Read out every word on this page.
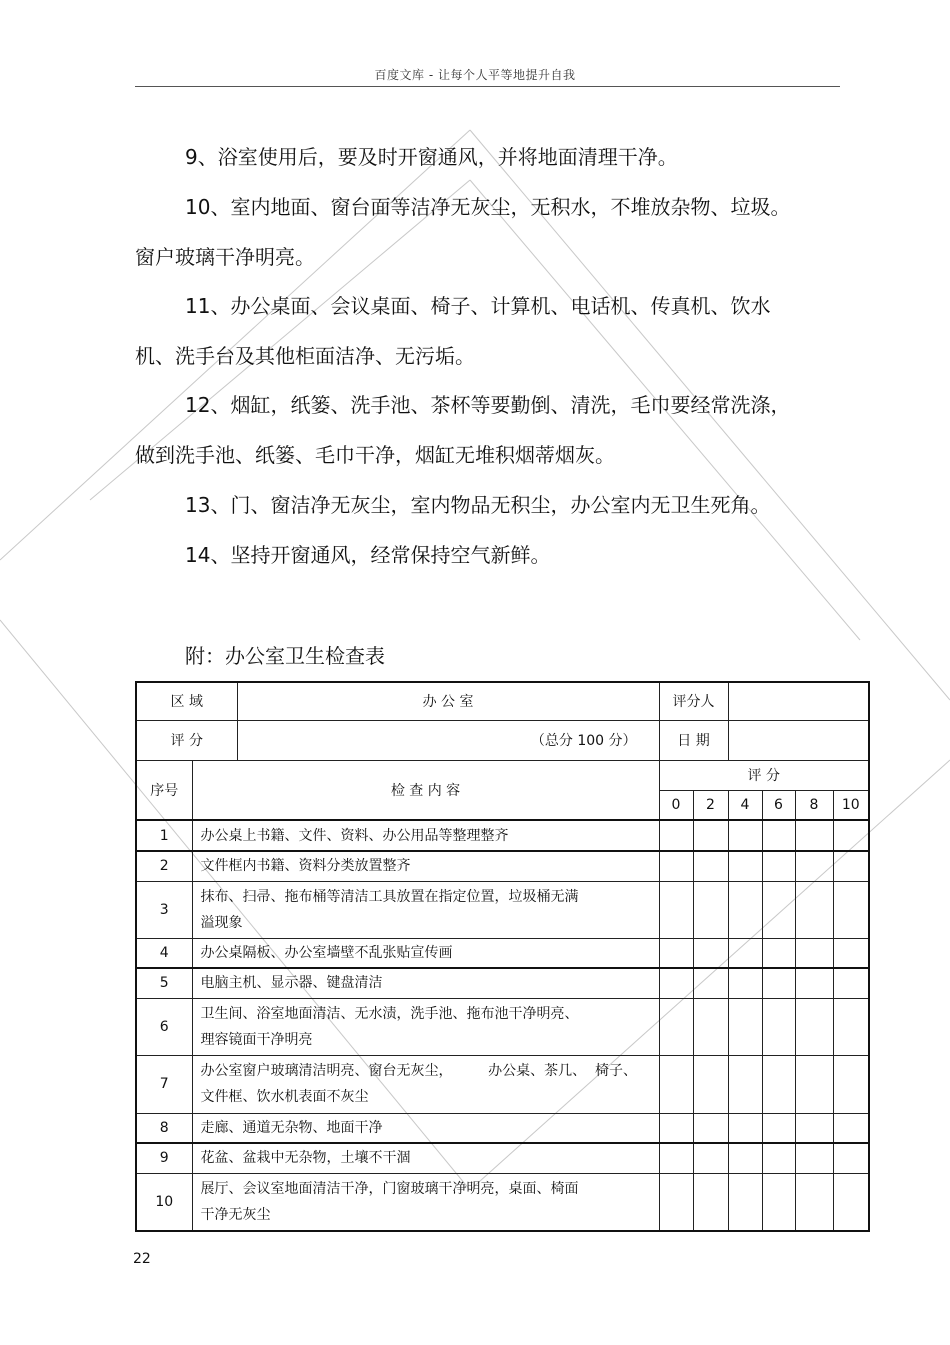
百度文库 - 让每个人平等地提升自我
9、浴室使用后，要及时开窗通风，并将地面清理干净。
10、室内地面、窗台面等洁净无灰尘，无积水，不堆放杂物、垃圾。
窗户玻璃干净明亮。
11、办公桌面、会议桌面、椅子、计算机、电话机、传真机、饮水
机、洗手台及其他柜面洁净、无污垢。
12、烟缸，纸篓、洗手池、茶杯等要勤倒、清洗，毛巾要经常洗涤，
做到洗手池、纸篓、毛巾干净，烟缸无堆积烟蒂烟灰。
13、门、窗洁净无灰尘，室内物品无积尘，办公室内无卫生死角。
14、坚持开窗通风，经常保持空气新鲜。
附：办公室卫生检查表
区 域		办 公 室	评分人					
评 分		（总分 100 分）	日 期					
序号	检 查 内 容		评 分					
			0	2	4	6	8	10
1	办公桌上书籍、文件、资料、办公用品等整理整齐							

2	文件框内书籍、资料分类放置整齐							

3	抹布、扫帚、拖布桶等清洁工具放置在指定位置，垃圾桶无满
溢现象							

4	办公桌隔板、办公室墙壁不乱张贴宣传画							

5	电脑主机、显示器、键盘清洁							

6	卫生间、浴室地面清洁、无水渍，洗手池、拖布池干净明亮、
理容镜面干净明亮							

7	办公室窗户玻璃清洁明亮、窗台无灰尘，        办公桌、茶几、  椅子、
文件框、饮水机表面不灰尘							

8	走廊、通道无杂物、地面干净							

9	花盆、盆栽中无杂物，土壤不干涸							

10	展厅、会议室地面清洁干净，门窗玻璃干净明亮，桌面、椅面
干净无灰尘							

22
